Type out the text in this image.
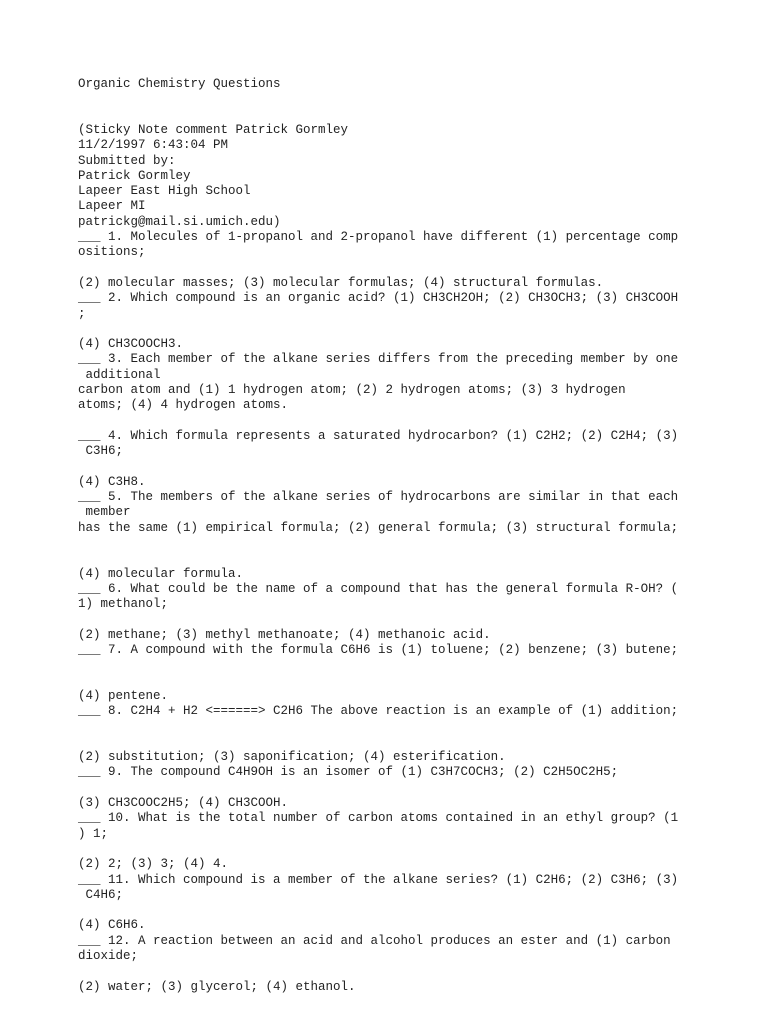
Organic Chemistry Questions
(Sticky Note comment Patrick Gormley
11/2/1997 6:43:04 PM
Submitted by:
Patrick Gormley
Lapeer East High School
Lapeer MI
patrickg@mail.si.umich.edu)
___ 1. Molecules of 1-propanol and 2-propanol have different (1) percentage comp
ositions;
(2) molecular masses; (3) molecular formulas; (4) structural formulas.
___ 2. Which compound is an organic acid? (1) CH3CH2OH; (2) CH3OCH3; (3) CH3COOH
;
(4) CH3COOCH3.
___ 3. Each member of the alkane series differs from the preceding member by one
additional
carbon atom and (1) 1 hydrogen atom; (2) 2 hydrogen atoms; (3) 3 hydrogen
atoms; (4) 4 hydrogen atoms.
___ 4. Which formula represents a saturated hydrocarbon? (1) C2H2; (2) C2H4; (3)
C3H6;
(4) C3H8.
___ 5. The members of the alkane series of hydrocarbons are similar in that each
member
has the same (1) empirical formula; (2) general formula; (3) structural formula;
(4) molecular formula.
___ 6. What could be the name of a compound that has the general formula R-OH? (
1) methanol;
(2) methane; (3) methyl methanoate; (4) methanoic acid.
___ 7. A compound with the formula C6H6 is (1) toluene; (2) benzene; (3) butene;
(4) pentene.
___ 8. C2H4 + H2 <======> C2H6 The above reaction is an example of (1) addition;
(2) substitution; (3) saponification; (4) esterification.
___ 9. The compound C4H9OH is an isomer of (1) C3H7COCH3; (2) C2H5OC2H5;
(3) CH3COOC2H5; (4) CH3COOH.
___ 10. What is the total number of carbon atoms contained in an ethyl group? (1
) 1;
(2) 2; (3) 3; (4) 4.
___ 11. Which compound is a member of the alkane series? (1) C2H6; (2) C3H6; (3)
C4H6;
(4) C6H6.
___ 12. A reaction between an acid and alcohol produces an ester and (1) carbon
dioxide;
(2) water; (3) glycerol; (4) ethanol.
